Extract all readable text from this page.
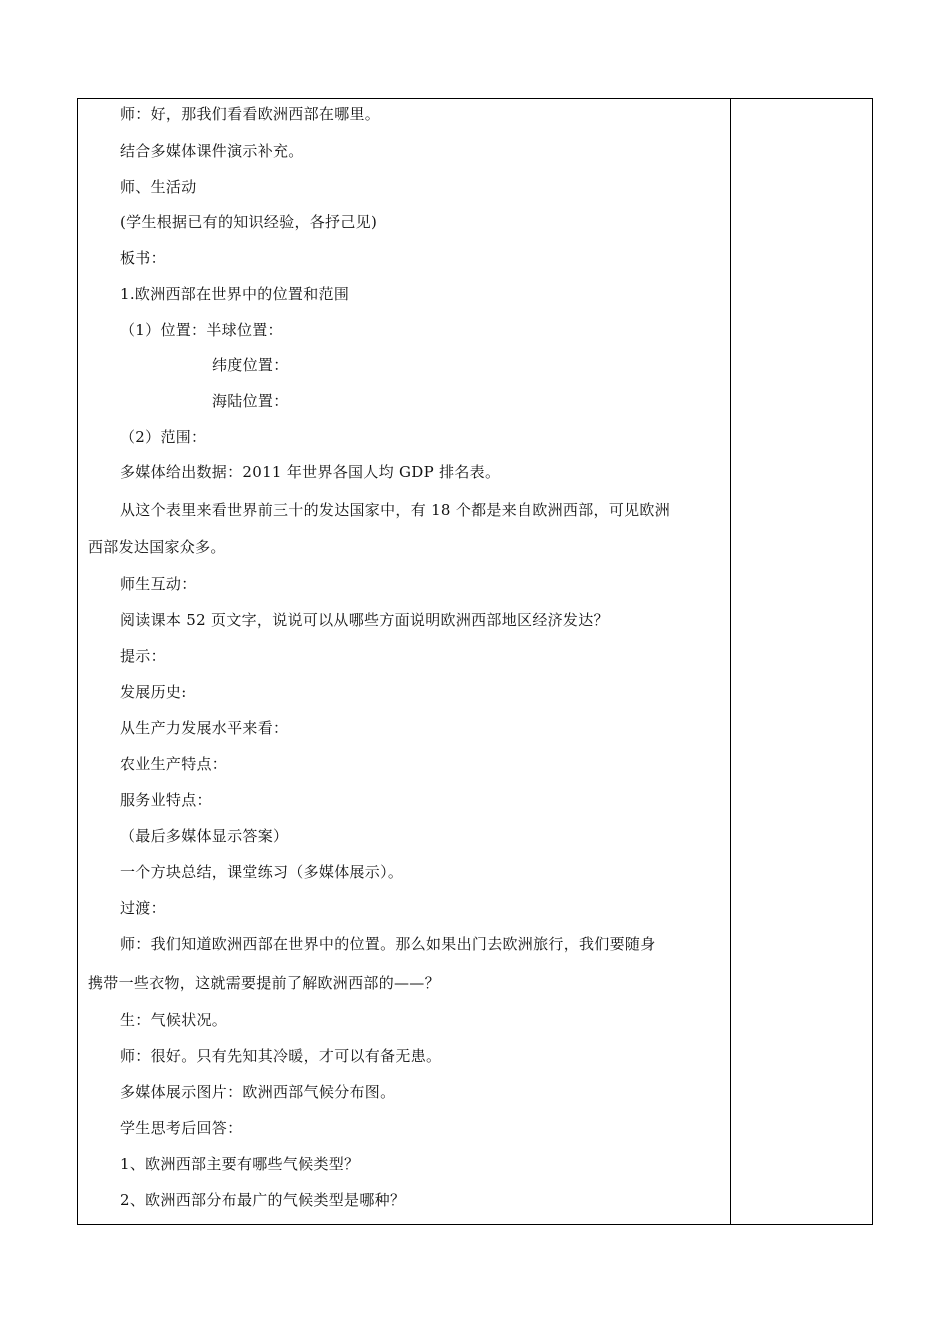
师：好，那我们看看欧洲西部在哪里。
结合多媒体课件演示补充。
师、生活动
(学生根据已有的知识经验，各抒己见)
板书：
1.欧洲西部在世界中的位置和范围
（1）位置：半球位置：
纬度位置：
海陆位置：
（2）范围：
多媒体给出数据：2011 年世界各国人均 GDP 排名表。
从这个表里来看世界前三十的发达国家中，有 18 个都是来自欧洲西部，可见欧洲
西部发达国家众多。
师生互动：
阅读课本 52 页文字，说说可以从哪些方面说明欧洲西部地区经济发达？
提示：
发展历史:
从生产力发展水平来看：
农业生产特点：
服务业特点：
（最后多媒体显示答案）
一个方块总结，课堂练习（多媒体展示）。
过渡：
师：我们知道欧洲西部在世界中的位置。那么如果出门去欧洲旅行，我们要随身
携带一些衣物，这就需要提前了解欧洲西部的——？
生：气候状况。
师：很好。只有先知其冷暖，才可以有备无患。
多媒体展示图片：欧洲西部气候分布图。
学生思考后回答：
1、欧洲西部主要有哪些气候类型？
2、欧洲西部分布最广的气候类型是哪种？
